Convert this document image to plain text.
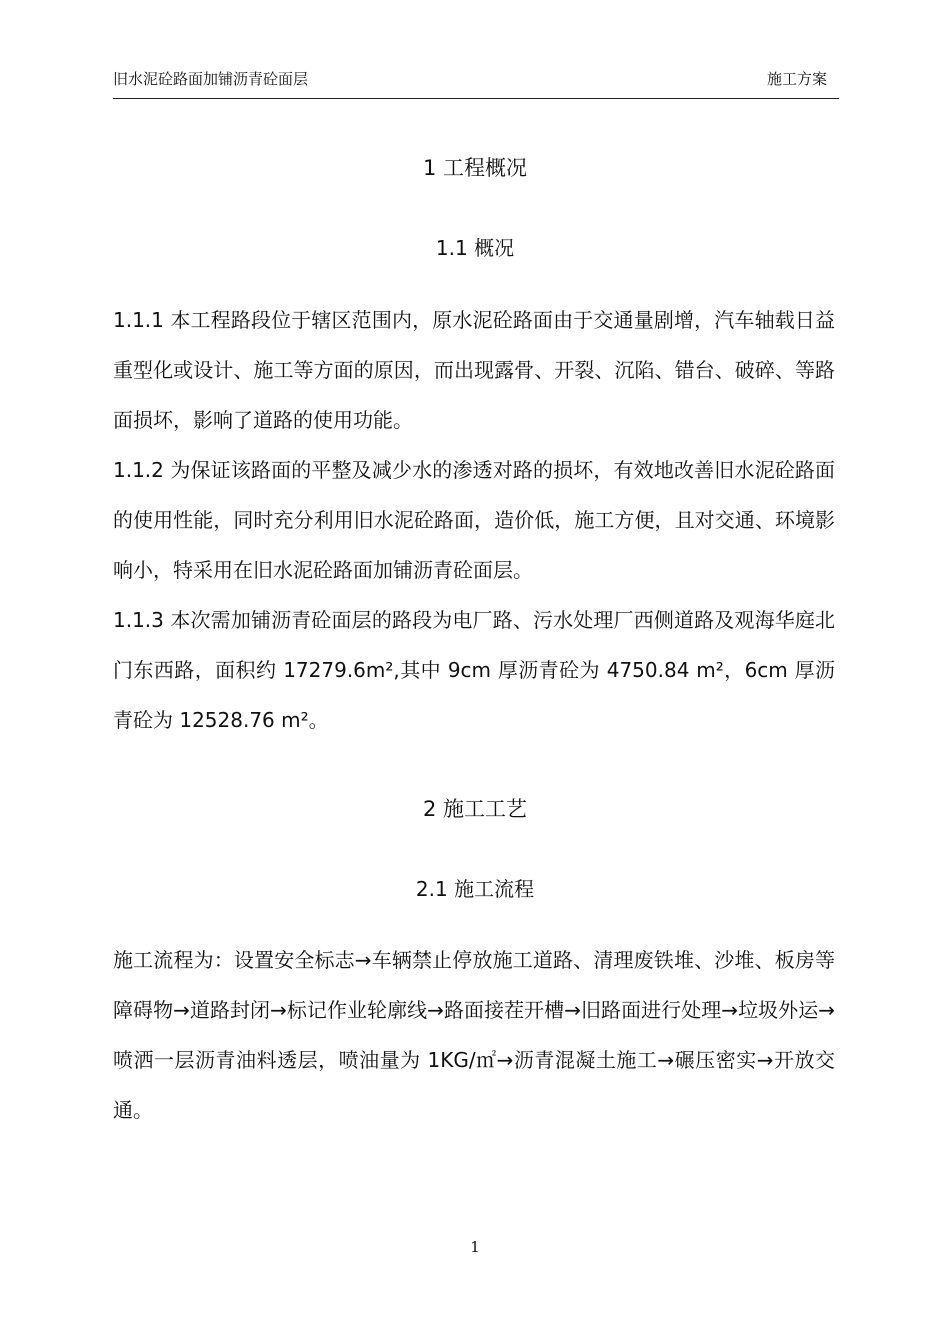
旧水泥砼路面加铺沥青砼面层	施工方案
1 工程概况
1.1 概况
1.1.1 本工程路段位于辖区范围内，原水泥砼路面由于交通量剧增，汽车轴载日益重型化或设计、施工等方面的原因，而出现露骨、开裂、沉陷、错台、破碎、等路面损坏，影响了道路的使用功能。
1.1.2 为保证该路面的平整及减少水的渗透对路的损坏，有效地改善旧水泥砼路面的使用性能，同时充分利用旧水泥砼路面，造价低，施工方便，且对交通、环境影响小，特采用在旧水泥砼路面加铺沥青砼面层。
1.1.3 本次需加铺沥青砼面层的路段为电厂路、污水处理厂西侧道路及观海华庭北门东西路，面积约 17279.6m²,其中 9cm 厚沥青砼为 4750.84 m²，6cm 厚沥青砼为 12528.76 m²。
2 施工工艺
2.1 施工流程
施工流程为：设置安全标志→车辆禁止停放施工道路、清理废铁堆、沙堆、板房等障碍物→道路封闭→标记作业轮廓线→路面接茬开槽→旧路面进行处理→垃圾外运→喷洒一层沥青油料透层，喷油量为 1KG/㎡→沥青混凝土施工→碾压密实→开放交通。
1
